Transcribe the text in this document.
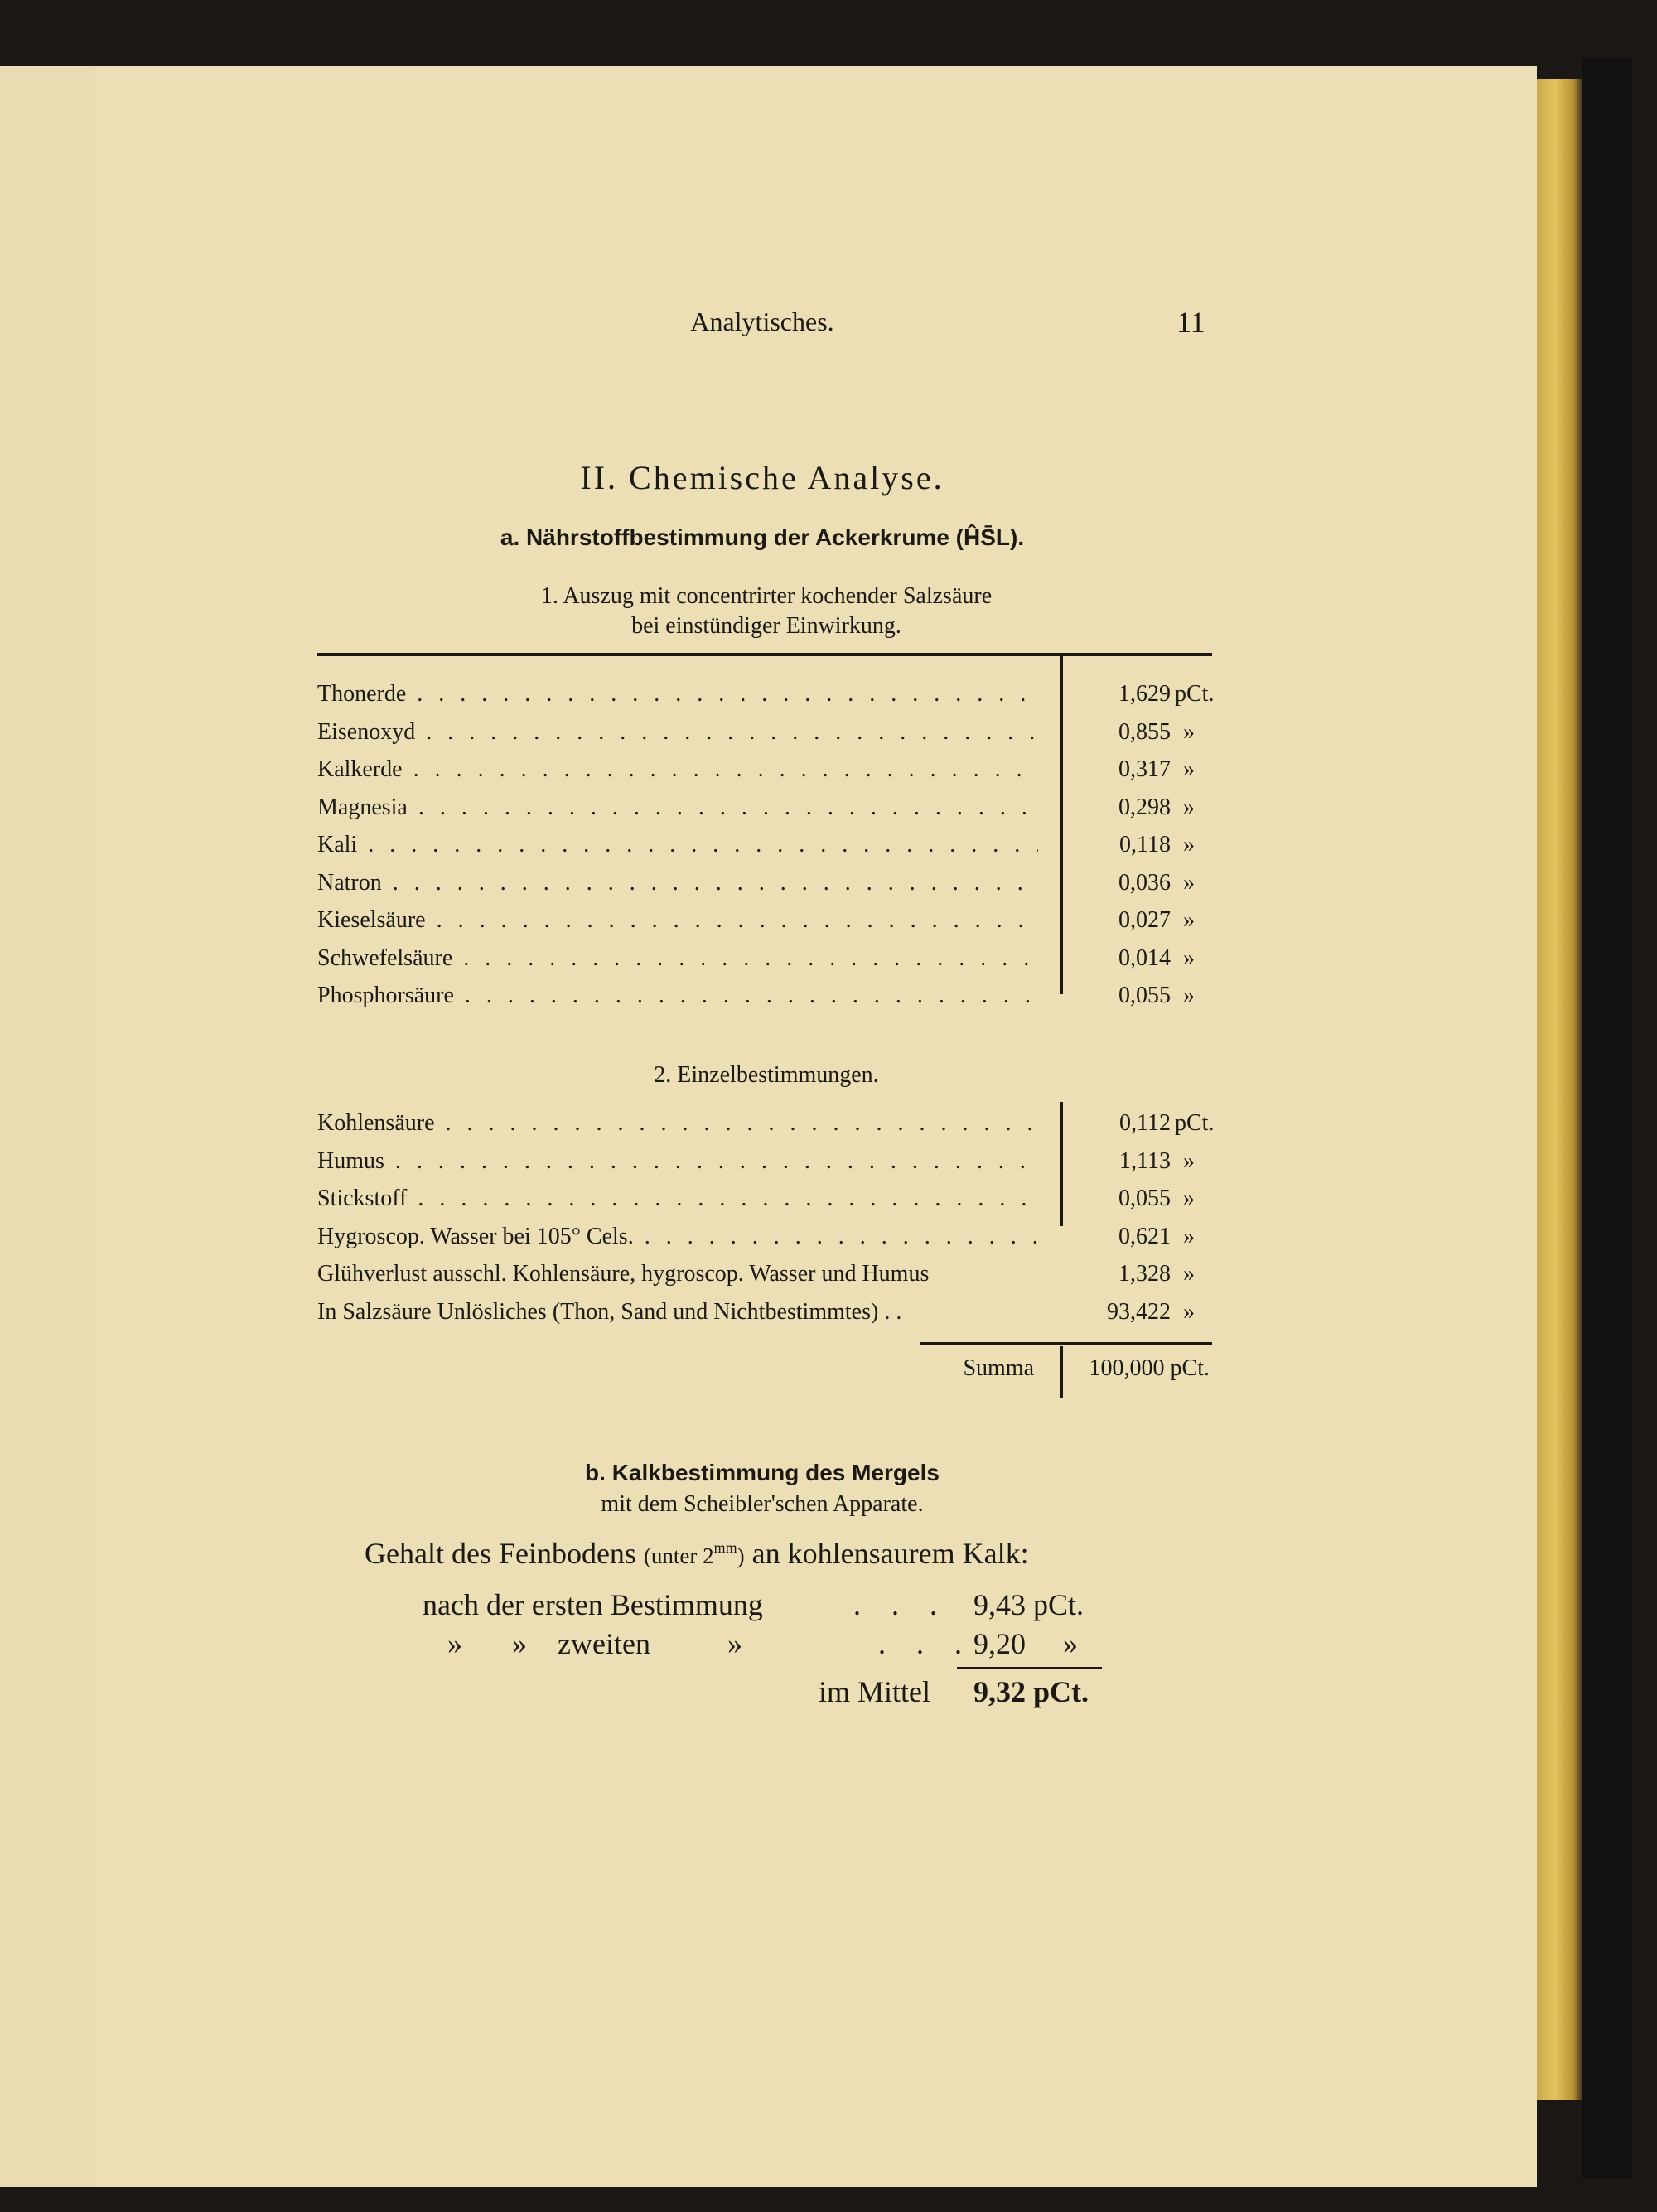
Analytisches.	11
II. Chemische Analyse.
a. Nährstoffbestimmung der Ackerkrume (ĤS̄L).
1. Auszug mit concentrirter kochender Salzsäure
bei einstündiger Einwirkung.
Thonerde . . .	1,629 pCt.
Eisenoxyd . . .	0,855 »
Kalkerde . . .	0,317 »
Magnesia . . .	0,298 »
Kali . . .	0,118 »
Natron . . .	0,036 »
Kieselsäure . . .	0,027 »
Schwefelsäure . . .	0,014 »
Phosphorsäure . . .	0,055 »
2. Einzelbestimmungen.
Kohlensäure . . .	0,112 pCt.
Humus . . .	1,113 »
Stickstoff . . .	0,055 »
Hygroscop. Wasser bei 105° Cels. . . .	0,621 »
Glühverlust ausschl. Kohlensäure, hygroscop. Wasser und Humus	1,328 »
In Salzsäure Unlösliches (Thon, Sand und Nichtbestimmtes) . .	93,422 »
Summa	100,000 pCt.
b. Kalkbestimmung des Mergels
mit dem Scheibler'schen Apparate.
Gehalt des Feinbodens (unter $2^{mm}$) an kohlensaurem Kalk:
nach der ersten Bestimmung	. . . 9,43 pCt.
» » zweiten	»	. . . 9,20 »
im Mittel 9,32 pCt.
